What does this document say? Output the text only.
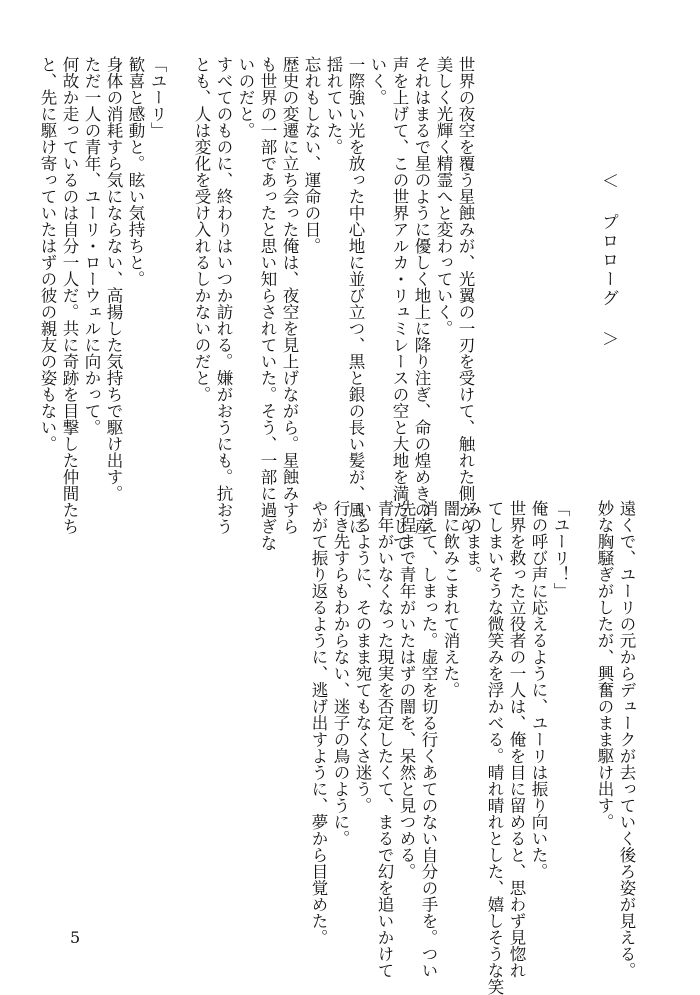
＜ プロローグ ＞

世界の夜空を覆う星蝕みが、光翼の一刃を受けて、触れた側から

美しく光輝く精霊へと変わっていく。

それはまるで星のように優しく地上に降り注ぎ、命の煌めきの産

声を上げて、この世界アルカ・リュミレースの空と大地を満たして

いく。

一際強い光を放った中心地に並び立つ、黒と銀の長い髪が、風に

揺れていた。

忘れもしない、運命の日。

歴史の変遷に立ち会った俺は、夜空を見上げながら。星蝕みすら

も世界の一部であったと思い知らされていた。そう、一部に過ぎな

いのだと。

すべてのものに、終わりはいつか訪れる。嫌がおうにも。抗おう

とも、人は変化を受け入れるしかないのだと。

「ユーリ」

歓喜と感動と。眩い気持ちと。

身体の消耗すら気にならない、高揚した気持ちで駆け出す。

ただ一人の青年、ユーリ・ローウェルに向かって。

何故か走っているのは自分一人だ。共に奇跡を目撃した仲間たち

と、先に駆け寄っていたはずの彼の親友の姿もない。

遠くで、ユーリの元からデュークが去っていく後ろ姿が見える。

妙な胸騒ぎがしたが、興奮のまま駆け出す。

「ユーリ！」

俺の呼び声に応えるように、ユーリは振り向いた。

世界を救った立役者の一人は、俺を目に留めると、思わず見惚れ

てしまいそうな微笑みを浮かべる。晴れ晴れとした、嬉しそうな笑

みのまま。

闇に飲みこまれて消えた。

消えて、しまった。虚空を切る行くあてのない自分の手を。つい

先程まで青年がいたはずの闇を、呆然と見つめる。

青年がいなくなった現実を否定したくて、まるで幻を追いかけて

いるように、そのまま宛てもなくさ迷う。

行き先すらもわからない、迷子の鳥のように。

やがて振り返るように、逃げ出すように、夢から目覚めた。

5
